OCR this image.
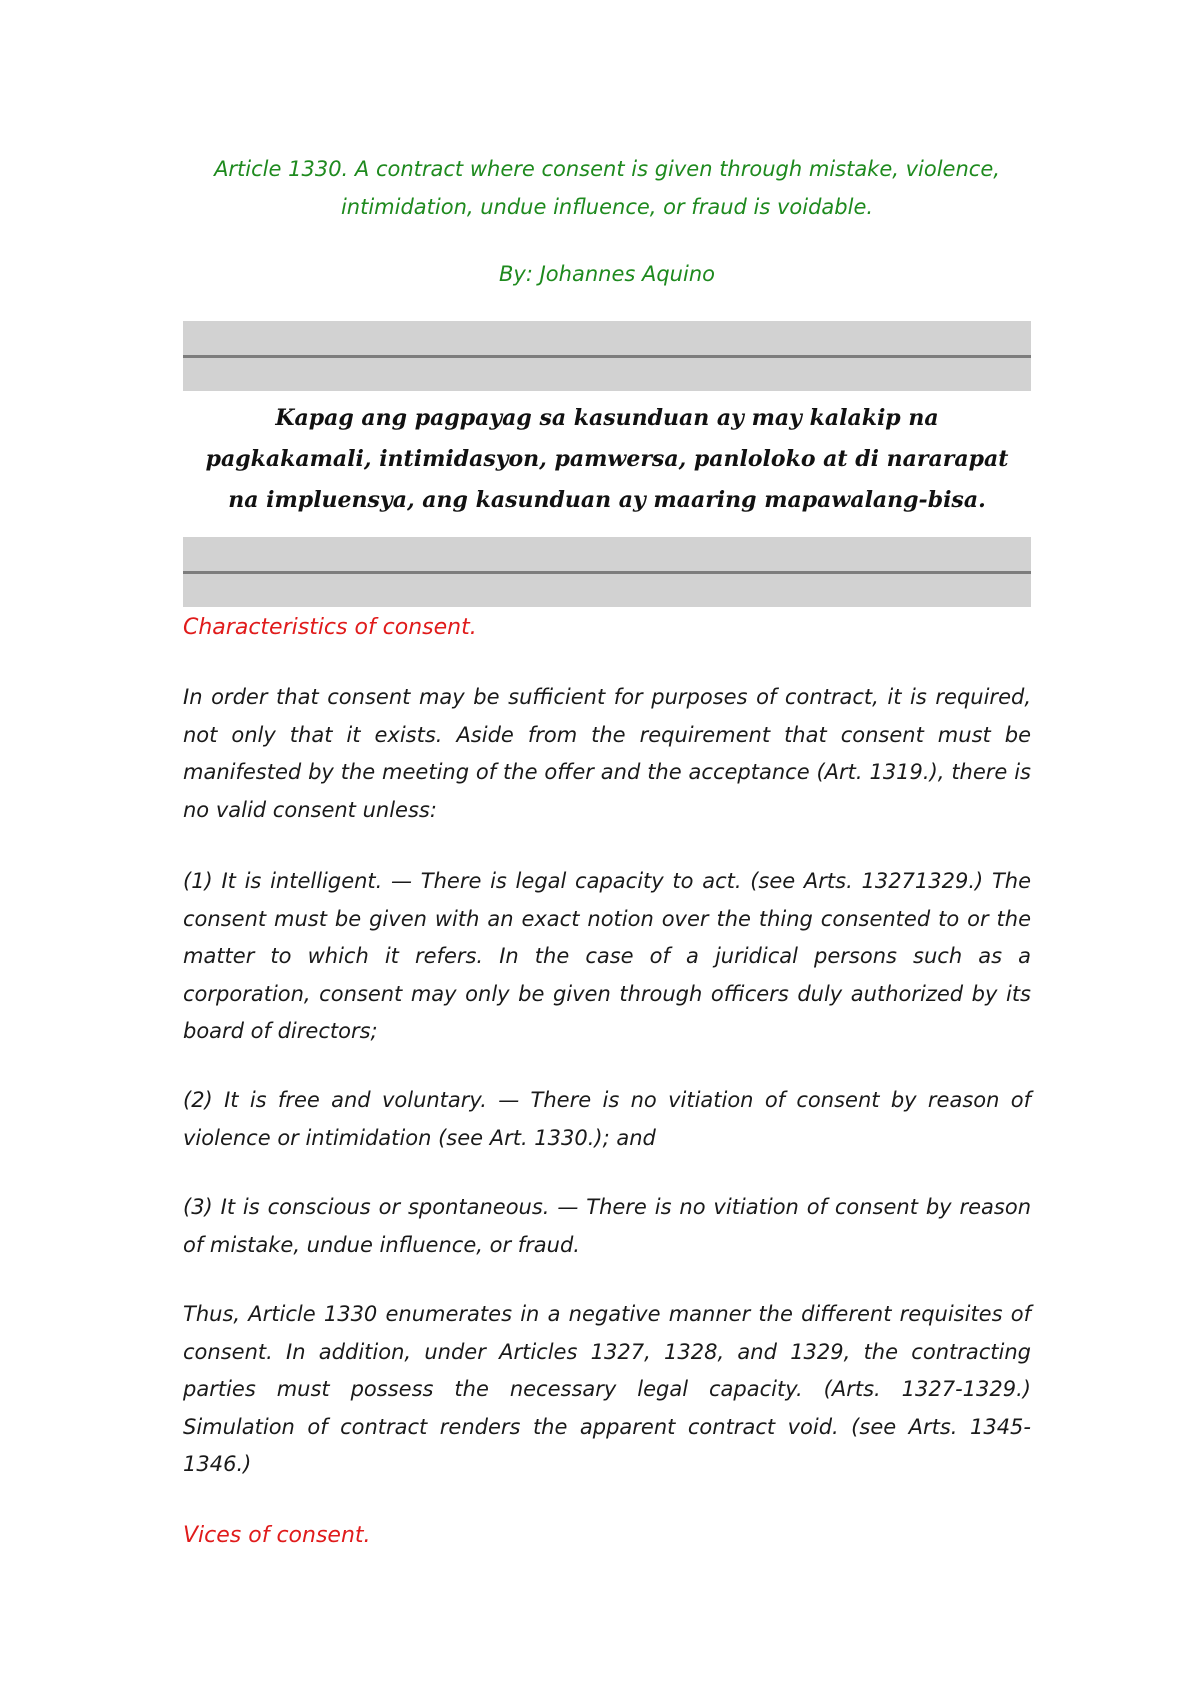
Article 1330. A contract where consent is given through mistake, violence, intimidation, undue influence, or fraud is voidable.

By: Johannes Aquino

Kapag ang pagpayag sa kasunduan ay may kalakip na pagkakamali, intimidasyon, pamwersa, panloloko at di nararapat na impluensya, ang kasunduan ay maaring mapawalang-bisa.

Characteristics of consent.

In order that consent may be sufficient for purposes of contract, it is required, not only that it exists. Aside from the requirement that consent must be manifested by the meeting of the offer and the acceptance (Art. 1319.), there is no valid consent unless:

(1) It is intelligent. — There is legal capacity to act. (see Arts. 13271329.) The consent must be given with an exact notion over the thing consented to or the matter to which it refers. In the case of a juridical persons such as a corporation, consent may only be given through officers duly authorized by its board of directors;

(2) It is free and voluntary. — There is no vitiation of consent by reason of violence or intimidation (see Art. 1330.); and

(3) It is conscious or spontaneous. — There is no vitiation of consent by reason of mistake, undue influence, or fraud.

Thus, Article 1330 enumerates in a negative manner the different requisites of consent. In addition, under Articles 1327, 1328, and 1329, the contracting parties must possess the necessary legal capacity. (Arts. 1327-1329.) Simulation of contract renders the apparent contract void. (see Arts. 1345-1346.)

Vices of consent.
